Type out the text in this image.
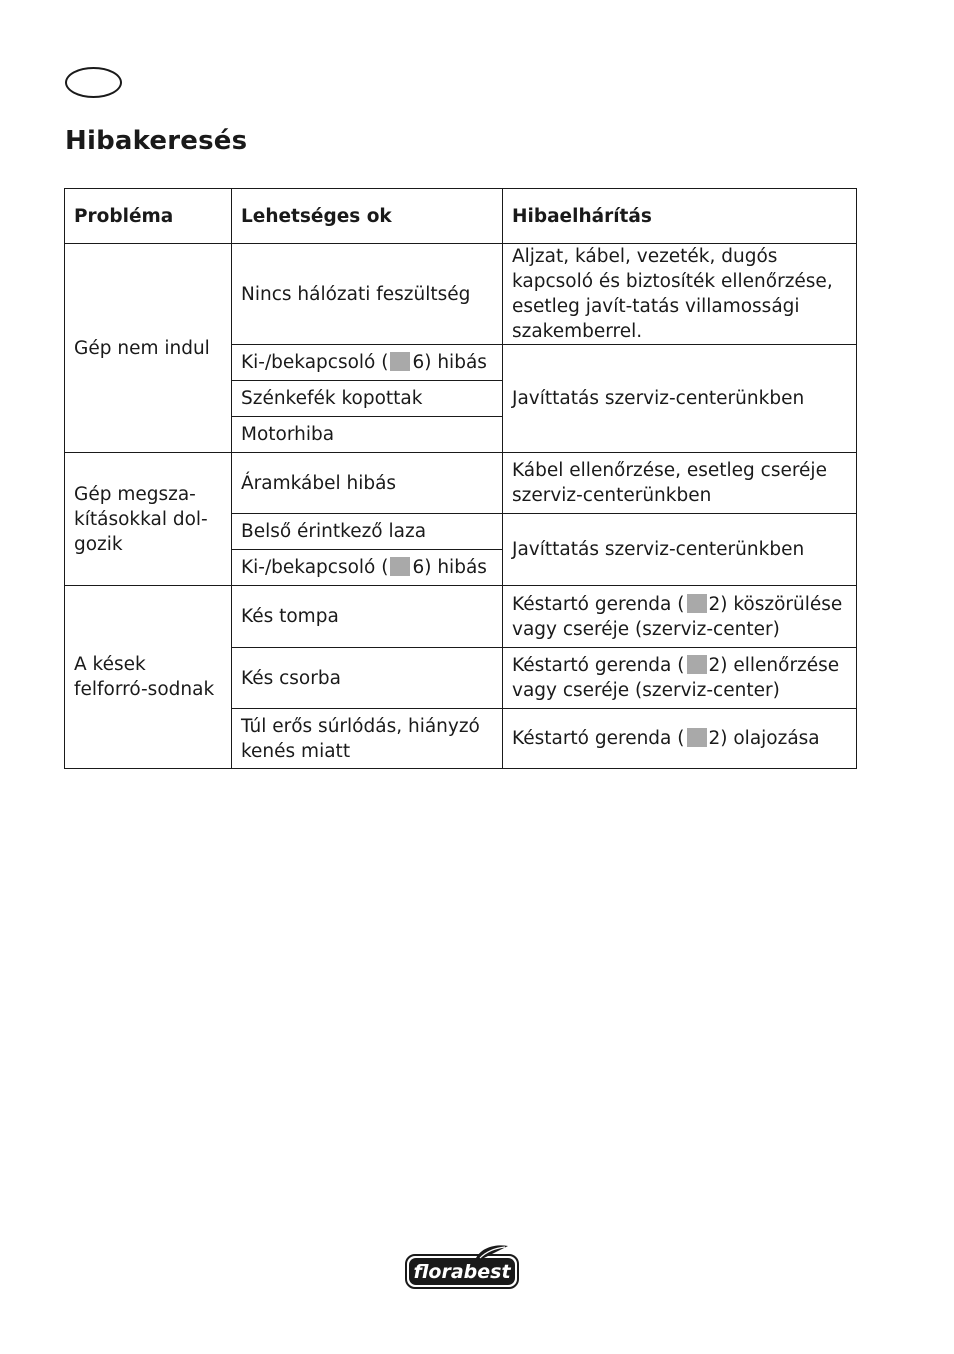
Hibakeresés
Probléma	Lehetséges ok	Hibaelhárítás
Gép nem indul	Nincs hálózati feszültség	Aljzat, kábel, vezeték, dugós kapcsoló és biztosíték ellenőrzése, esetleg javít-tatás villamossági szakemberrel.
	Ki-/bekapcsoló ( 6) hibás	Javíttatás szerviz-centerünkben
	Szénkefék kopottak	
	Motorhiba	
Gép megsza-kításokkal dol-gozik	Áramkábel hibás	Kábel ellenőrzése, esetleg cseréje szerviz-centerünkben
	Belső érintkező laza	Javíttatás szerviz-centerünkben
	Ki-/bekapcsoló ( 6) hibás	
A kések felforró-sodnak	Kés tompa	Késtartó gerenda ( 2) köszörülése vagy cseréje (szerviz-center)
	Kés csorba	Késtartó gerenda ( 2) ellenőrzése vagy cseréje (szerviz-center)
	Túl erős súrlódás, hiányzó kenés miatt	Késtartó gerenda ( 2) olajozása
florabest
